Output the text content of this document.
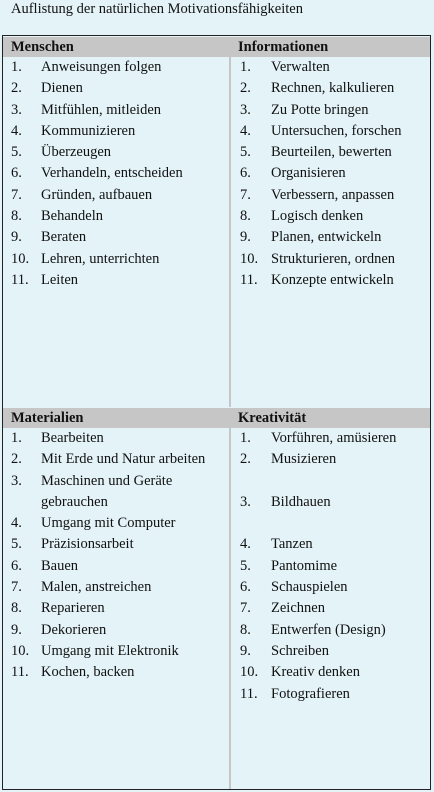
Auflistung der natürlichen Motivationsfähigkeiten
Menschen	Informationen
1. Anweisungen folgen
2. Dienen
3. Mitfühlen, mitleiden
4. Kommunizieren
5. Überzeugen
6. Verhandeln, entscheiden
7. Gründen, aufbauen
8. Behandeln
9. Beraten
10. Lehren, unterrichten
11. Leiten
1. Verwalten
2. Rechnen, kalkulieren
3. Zu Potte bringen
4. Untersuchen, forschen
5. Beurteilen, bewerten
6. Organisieren
7. Verbessern, anpassen
8. Logisch denken
9. Planen, entwickeln
10. Strukturieren, ordnen
11. Konzepte entwickeln
Materialien	Kreativität
1. Bearbeiten
2. Mit Erde und Natur arbeiten
3. Maschinen und Geräte gebrauchen
4. Umgang mit Computer
5. Präzisionsarbeit
6. Bauen
7. Malen, anstreichen
8. Reparieren
9. Dekorieren
10. Umgang mit Elektronik
11. Kochen, backen
1. Vorführen, amüsieren
2. Musizieren
3. Bildhauen
4. Tanzen
5. Pantomime
6. Schauspielen
7. Zeichnen
8. Entwerfen (Design)
9. Schreiben
10. Kreativ denken
11. Fotografieren
